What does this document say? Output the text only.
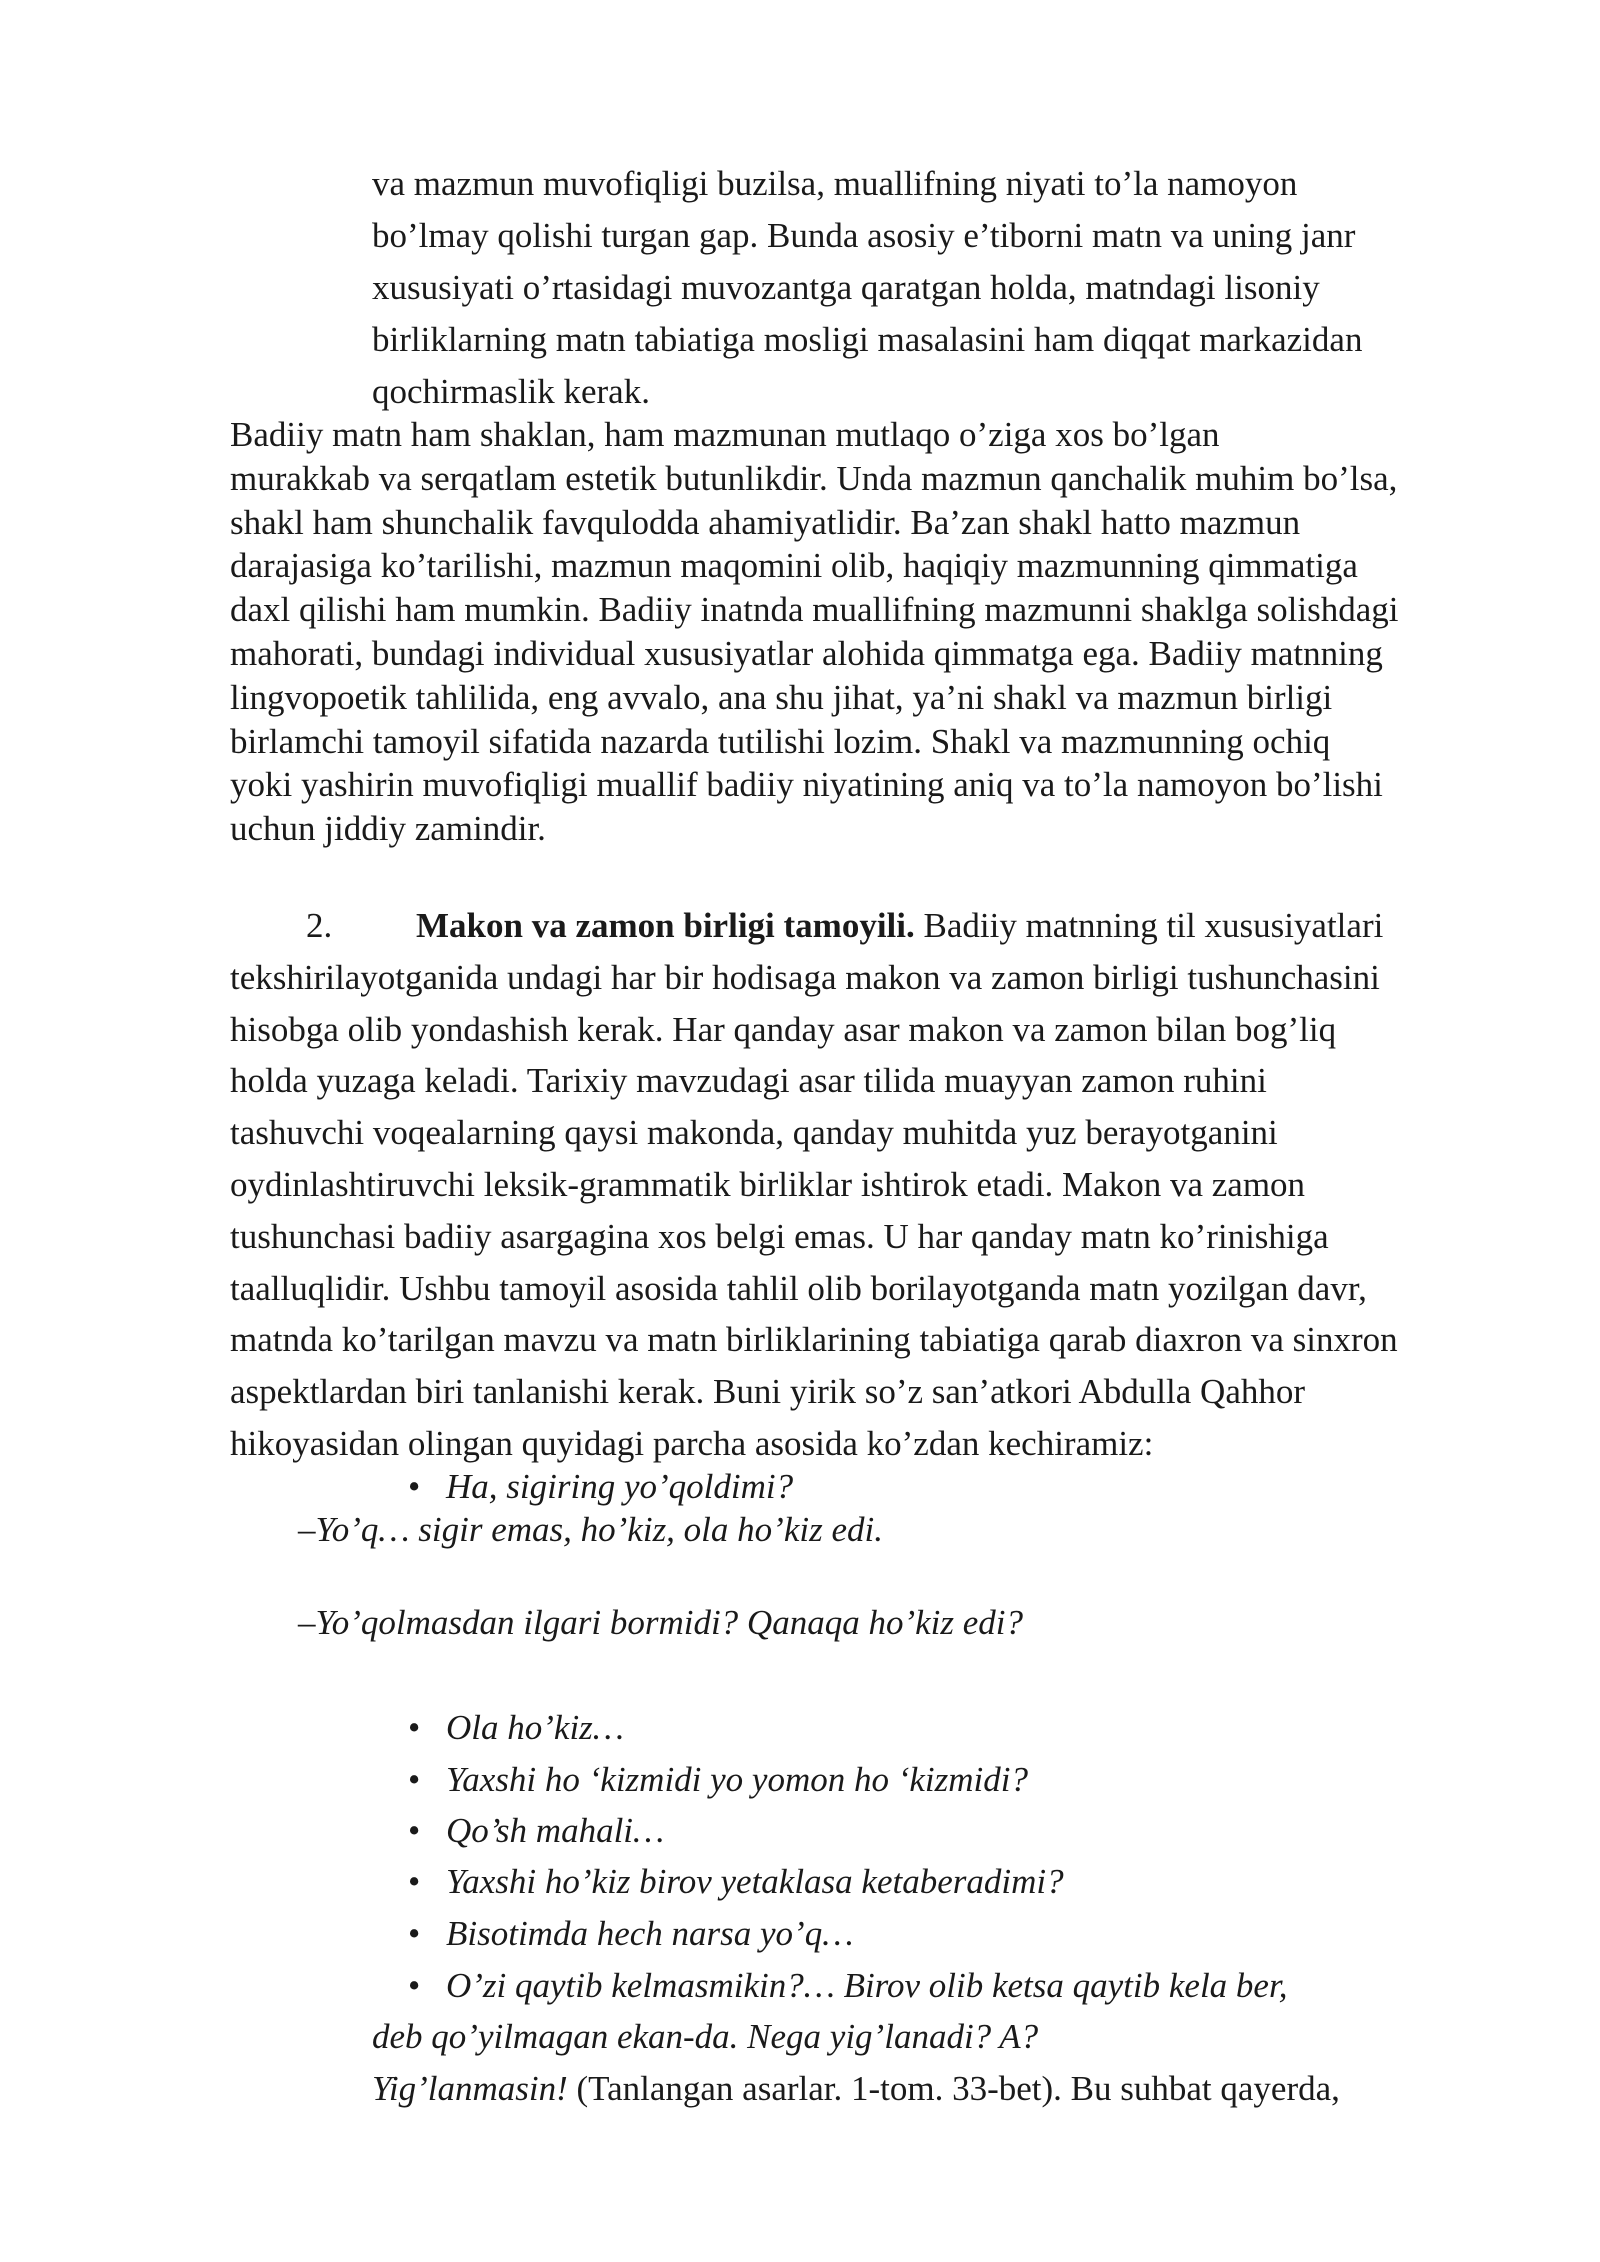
va mazmun muvofiqligi buzilsa, muallifning niyati to’la namoyon
bo’lmay qolishi turgan gap. Bunda asosiy e’tiborni matn va uning janr
xususiyati o’rtasidagi muvozantga qaratgan holda, matndagi lisoniy
birliklarning matn tabiatiga mosligi masalasini ham diqqat markazidan
qochirmaslik kerak.
Badiiy matn ham shaklan, ham mazmunan mutlaqo o’ziga xos bo’lgan
murakkab va serqatlam estetik butunlikdir. Unda mazmun qanchalik muhim bo’lsa,
shakl ham shunchalik favqulodda ahamiyatlidir. Ba’zan shakl hatto mazmun
darajasiga ko’tarilishi, mazmun maqomini olib, haqiqiy mazmunning qimmatiga
daxl qilishi ham mumkin. Badiiy inatnda muallifning mazmunni shaklga solishdagi
mahorati, bundagi individual xususiyatlar alohida qimmatga ega. Badiiy matnning
lingvopoetik tahlilida, eng avvalo, ana shu jihat, ya’ni shakl va mazmun birligi
birlamchi tamoyil sifatida nazarda tutilishi lozim. Shakl va mazmunning ochiq
yoki yashirin muvofiqligi muallif badiiy niyatining aniq va to’la namoyon bo’lishi
uchun jiddiy zamindir.
2. Makon va zamon birligi tamoyili. Badiiy matnning til xususiyatlari
tekshirilayotganida undagi har bir hodisaga makon va zamon birligi tushunchasini
hisobga olib yondashish kerak. Har qanday asar makon va zamon bilan bog’liq
holda yuzaga keladi. Tarixiy mavzudagi asar tilida muayyan zamon ruhini
tashuvchi voqealarning qaysi makonda, qanday muhitda yuz berayotganini
oydinlashtiruvchi leksik-grammatik birliklar ishtirok etadi. Makon va zamon
tushunchasi badiiy asargagina xos belgi emas. U har qanday matn ko’rinishiga
taalluqlidir. Ushbu tamoyil asosida tahlil olib borilayotganda matn yozilgan davr,
matnda ko’tarilgan mavzu va matn birliklarining tabiatiga qarab diaxron va sinxron
aspektlardan biri tanlanishi kerak. Buni yirik so’z san’atkori Abdulla Qahhor
hikoyasidan olingan quyidagi parcha asosida ko’zdan kechiramiz:
• Ha, sigiring yo’qoldimi?
–Yo’q… sigir emas, ho’kiz, ola ho’kiz edi.
–Yo’qolmasdan ilgari bormidi? Qanaqa ho’kiz edi?
• Ola ho’kiz…
• Yaxshi ho ‘kizmidi yo yomon ho ‘kizmidi?
• Qo’sh mahali…
• Yaxshi ho’kiz birov yetaklasa ketaberadimi?
• Bisotimda hech narsa yo’q…
• O’zi qaytib kelmasmikin?… Birov olib ketsa qaytib kela ber,
deb qo’yilmagan ekan-da. Nega yig’lanadi? A?
Yig’lanmasin! (Tanlangan asarlar. 1-tom. 33-bet). Bu suhbat qayerda,
